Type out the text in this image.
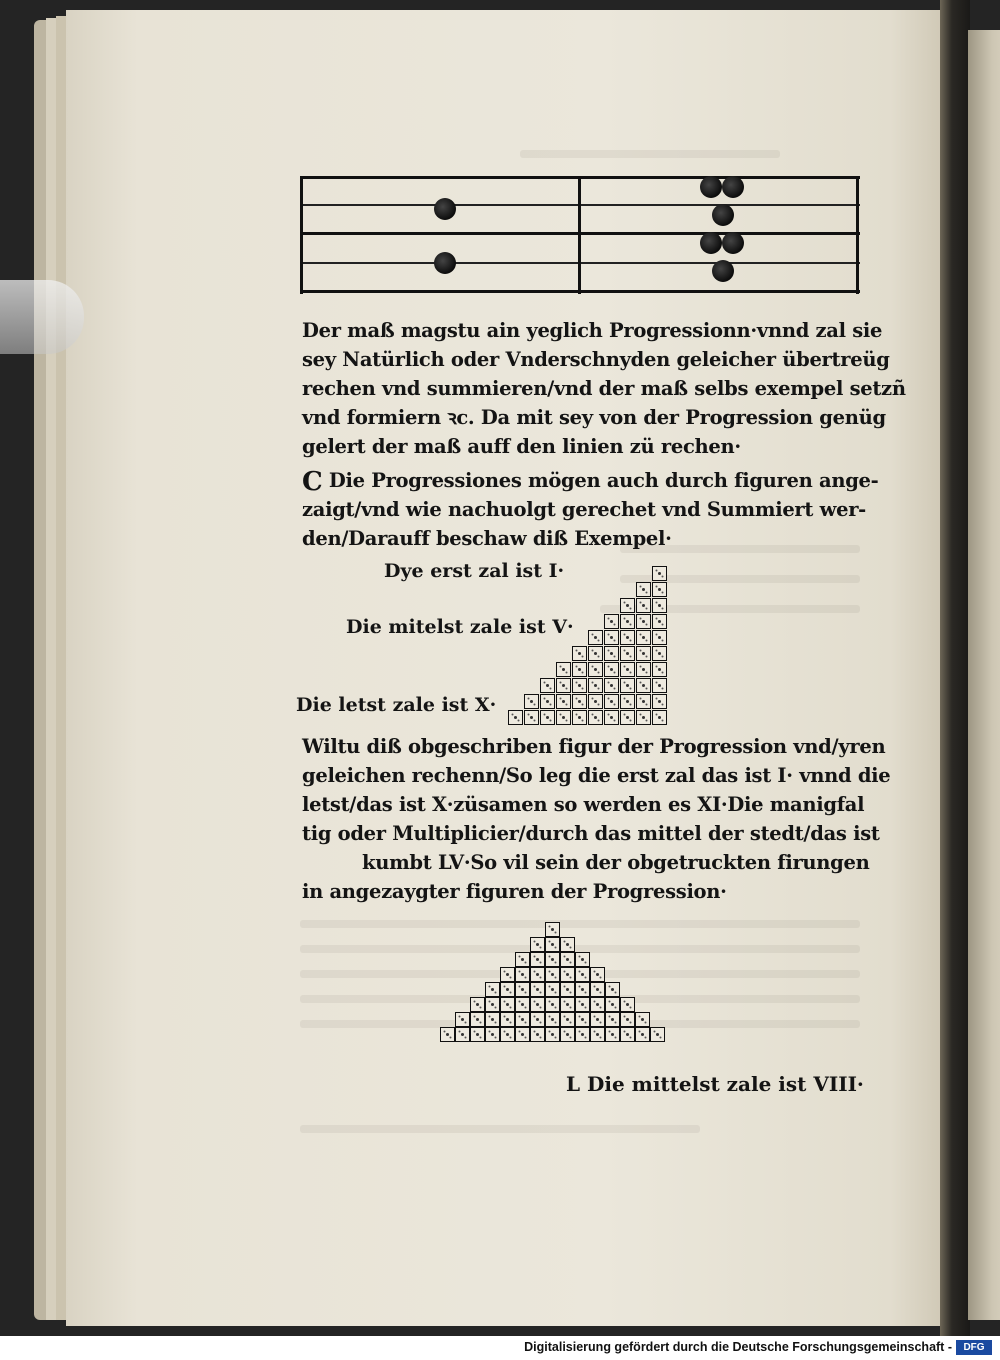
Der maß magstu ain yeglich Progressionn·vnnd zal sie

sey Natürlich oder Vnderschnyden geleicher übertreüg

rechen vnd summieren/vnd der maß selbs exempel setzñ

vnd formiern ꝛc. Da mit sey von der Progression genüg

gelert der maß auff den linien zü rechen·

C Die Progressiones mögen auch durch figuren ange-

zaigt/vnd wie nachuolgt gerechet vnd Summiert wer-

den/Darauff beschaw diß Exempel·

Dye erst zal ist I·

Die mitelst zale ist V·

Die letst zale ist X·

Wiltu diß obgeschriben figur der Progression vnd/yren

geleichen rechenn/So leg die erst zal das ist I· vnnd die

letst/das ist X·züsamen so werden es XI·Die manigfal

tig oder Multiplicier/durch das mittel der stedt/das ist

kumbt LV·So vil sein der obgetruckten firungen

in angezaygter figuren der Progression·

L Die mittelst zale ist VIII·

Digitalisierung gefördert durch die Deutsche Forschungsgemeinschaft -	DFG
